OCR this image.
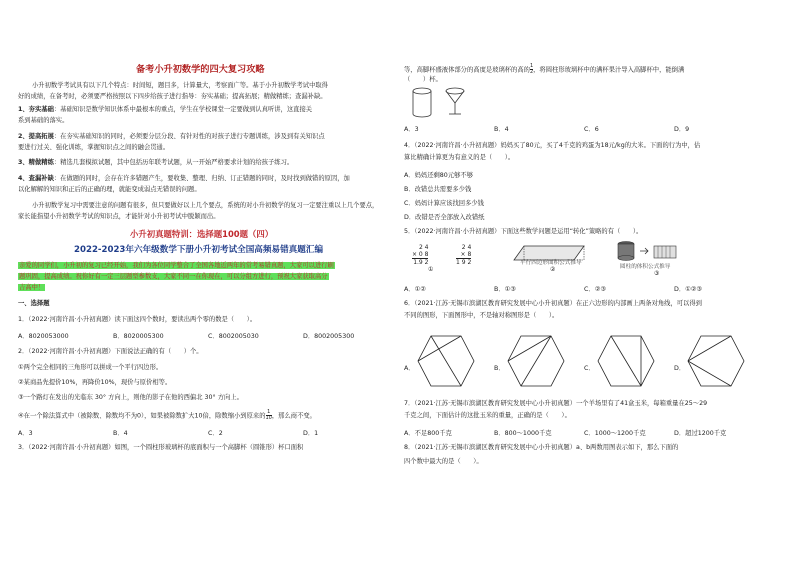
备考小升初数学的四大复习攻略
小升初数学考试具有以下几个特点：时间短，题目多，计算量大，考察面广等。基于小升初数学考试中取得
好的成绩，在备考时，必须要严格按照以下四步给孩子进行指导：夯实基础；提高拓展；精做精练；查漏补缺。
1、夯实基础：基础知识是数学知识体系中最根本的重点，学生在学校课堂一定要做到认真听讲，这直接关
系到基础的落实。
2、提高拓展：在夯实基础知识的同时，必须要分层分段、有针对性的对孩子进行专题训练，涉及到有关知识点
要进行过关、强化训练，掌握知识点之间的融会贯通。
3、精做精练：精选几套模拟试题，其中包括历年联考试题，从一开始严格要求计划的给孩子练习。
4、查漏补缺：在做题的同时，会存在许多错题产生，要收集、整理、归纳、订正错题的同时，及时找到做错的原因，加
以化解解的知识和正后的正确的理，就能变成弱点无错误的问题。
小升初数学复习中需要注意的问题有很多，但只要做好以上几个要点，系统的对小升初数学的复习一定要注重以上几个要点，
家长能指望小升初数学考试的知识点，才能针对小升初考试中脱颖而出。
小升初真题特训：选择题100题（四）
2022-2023年六年级数学下册小升初考试全国高频易错真题汇编
亲爱的同学们，小升初的复习已经开始，我们为各位同学整合了全国各地近两年的常考易错真题，大家可以进行刷
题巩固，提高成绩。祝你好有一定三层题型参数支，大家不同一在你现在，可以分组方进行，预祝大家获取高分
吉高中！
一、选择题
1．（2022·河南许昌·小升初真题）读下面这四个数时，要读出两个零的数是（　　）。
A．8020053000	B．8020005300	C．8002005030	D．8002005300
2．（2022·河南许昌·小升初真题）下面说法正确的有（　　）个。
①两个完全相同的三角形可以拼成一个平行四边形。
②某商品先提价10%，再降价10%，现价与原价相等。
③一个路灯在发出的光临东 30° 方向上，则他的影子在他的西偏北 30° 方向上。
④在一个除法算式中（被除数、除数均不为0），如果被除数扩大10倍，除数缩小到原来的 $\frac{1}{10}$ ，那么商不变。
A．3	B．4	C．2	D．1
3．（2022·河南许昌·小升初真题）如图，一个圆柱形玻璃杯的底面积与一个高脚杯（圆锥形）杯口面积
等，高脚杯盛液体部分的高度是玻璃杯的高的 $\frac{1}{2}$ ，将圆柱形玻璃杯中的满杯果汁导入高脚杯中，能倒满
（　　）杯。
A．3	B．4	C．6	D．9
4．（2022·河南许昌·小升初真题）妈妈买了80元，买了4千克的鸡蛋为18元/kg的大米。下面的行为中，估
算比精确计算更为有意义的是（　　）。
A．妈妈还剩80元够不够
B．改错总共需要多少钱
C．妈妈计算应该找回多少钱
D．改错是否全部放入改错纸
5．（2022·河南许昌·小升初真题）下面这些数学问题是运用“转化”策略的有（　　）。
2 4
× 0 8
1.9 2
2 4
× 8
1 9 2
①
平行四边形面积公式推导
②	圆柱的体积公式推导
③
A．①②	B．①③	C．②③	D．①②③
6．（2021·江苏·无锡市滨湖区教育研究发展中心小升初真题）在正六边形的内部画上两条对角线，可以得到
不同的图形，下面图形中，不是轴对称图形是（　　）。
A．	B．	C．	D．
7．（2021·江苏·无锡市滨湖区教育研究发展中心小升初真题）一个羊场里有了41盒玉米，每箱重量在25～29
千克之间，下面估计的这批玉米的重量，正确的是（　　）。
A．不足800千克	B．800～1000千克	C．1000～1200千克	D．超过1200千克
8．（2021·江苏·无锡市滨湖区教育研究发展中心小升初真题）a、b两数用图表示如下，那么下面的
四个数中最大的是（　　）。
